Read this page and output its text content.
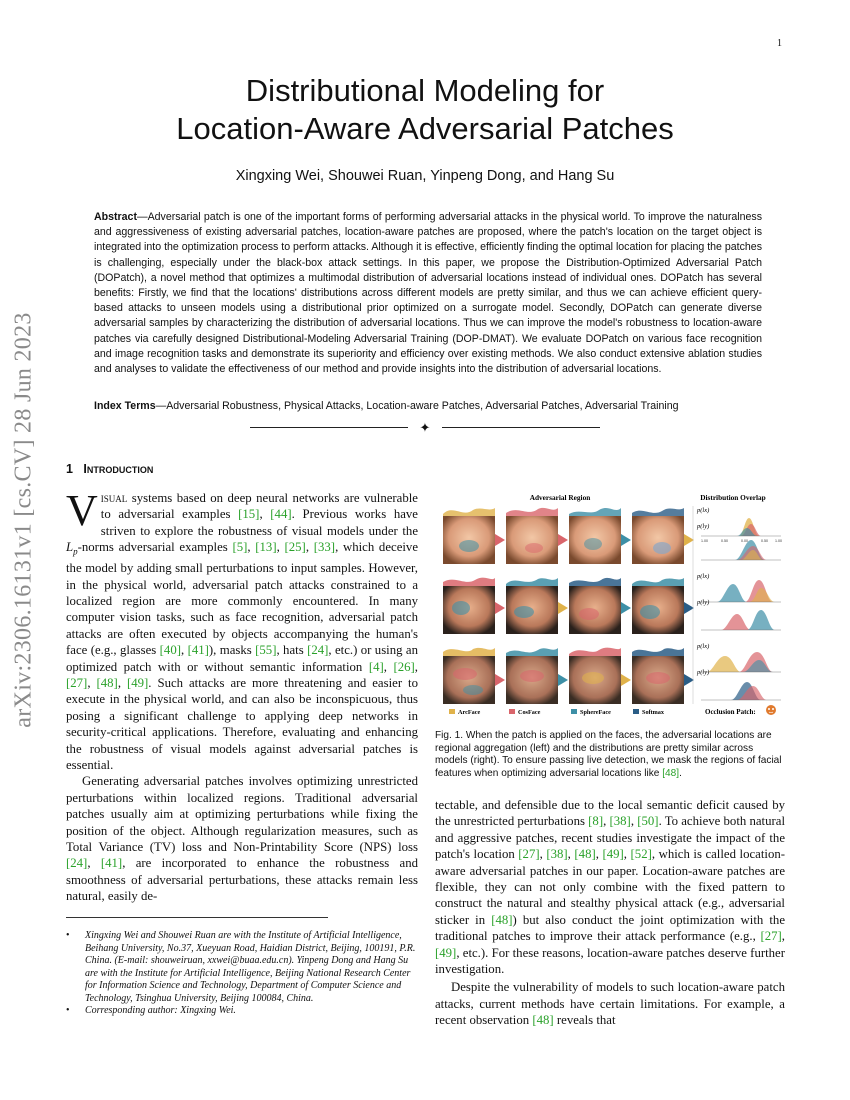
1
arXiv:2306.16131v1 [cs.CV] 28 Jun 2023
Distributional Modeling for
Location-Aware Adversarial Patches
Xingxing Wei, Shouwei Ruan, Yinpeng Dong, and Hang Su
Abstract—Adversarial patch is one of the important forms of performing adversarial attacks in the physical world. To improve the naturalness and aggressiveness of existing adversarial patches, location-aware patches are proposed, where the patch's location on the target object is integrated into the optimization process to perform attacks. Although it is effective, efficiently finding the optimal location for placing the patches is challenging, especially under the black-box attack settings. In this paper, we propose the Distribution-Optimized Adversarial Patch (DOPatch), a novel method that optimizes a multimodal distribution of adversarial locations instead of individual ones. DOPatch has several benefits: Firstly, we find that the locations' distributions across different models are pretty similar, and thus we can achieve efficient query-based attacks to unseen models using a distributional prior optimized on a surrogate model. Secondly, DOPatch can generate diverse adversarial samples by characterizing the distribution of adversarial locations. Thus we can improve the model's robustness to location-aware patches via carefully designed Distributional-Modeling Adversarial Training (DOP-DMAT). We evaluate DOPatch on various face recognition and image recognition tasks and demonstrate its superiority and efficiency over existing methods. We also conduct extensive ablation studies and analyses to validate the effectiveness of our method and provide insights into the distribution of adversarial locations.
Index Terms—Adversarial Robustness, Physical Attacks, Location-aware Patches, Adversarial Patches, Adversarial Training
✦
1 Introduction

Visual systems based on deep neural networks are vulnerable to adversarial examples [15], [44]. Previous works have striven to explore the robustness of visual models under the $L_p$-norms adversarial examples [5], [13], [25], [33], which deceive the model by adding small perturbations to input samples. However, in the physical world, adversarial patch attacks constrained to a localized region are more commonly encountered. In many computer vision tasks, such as face recognition, adversarial patch attacks are often executed by objects accompanying the human's face (e.g., glasses [40], [41]), masks [55], hats [24], etc.) or using an optimized patch with or without semantic information [4], [26], [27], [48], [49]. Such attacks are more threatening and easier to execute in the physical world, and can also be inconspicuous, thus posing a significant challenge to applying deep networks in security-critical applications. Therefore, evaluating and enhancing the robustness of visual models against adversarial patches is essential.

Generating adversarial patches involves optimizing unrestricted perturbations within localized regions. Traditional adversarial patches usually aim at optimizing perturbations while fixing the position of the object. Although regularization measures, such as Total Variance (TV) loss and Non-Printability Score (NPS) loss [24], [41], are incorporated to enhance the robustness and smoothness of adversarial perturbations, these attacks remain less natural, easily de-

• Xingxing Wei and Shouwei Ruan are with the Institute of Artificial Intelligence, Beihang University, No.37, Xueyuan Road, Haidian District, Beijing, 100191, P.R. China. (E-mail: shouweiruan, xxwei@buaa.edu.cn). Yinpeng Dong and Hang Su are with the Institute for Artificial Intelligence, Beijing National Research Center for Information Science and Technology, Department of Computer Science and Technology, Tsinghua University, Beijing 100084, China.
• Corresponding author: Xingxing Wei.
Adversarial Region	Distribution Overlap
p(lx)
p(ly)
p(lx)
p(ly)
p(lx)
p(ly)
1.00	0.50	0.00	0.50 1.00
ArcFace	CosFace	SphereFace	Softmax	Occlusion Patch:
Fig. 1. When the patch is applied on the faces, the adversarial locations are regional aggregation (left) and the distributions are pretty similar across models (right). To ensure passing live detection, we mask the regions of facial features when optimizing adversarial locations like [48].

tectable, and defensible due to the local semantic deficit caused by the unrestricted perturbations [8], [38], [50]. To achieve both natural and aggressive patches, recent studies investigate the impact of the patch's location [27], [38], [48], [49], [52], which is called location-aware adversarial patches in our paper. Location-aware patches are flexible, they can not only combine with the fixed pattern to construct the natural and stealthy physical attack (e.g., adversarial sticker in [48]) but also conduct the joint optimization with the traditional patches to improve their attack performance (e.g., [27], [49], etc.). For these reasons, location-aware patches deserve further investigation.

Despite the vulnerability of models to such location-aware patch attacks, current methods have certain limitations. For example, a recent observation [48] reveals that
